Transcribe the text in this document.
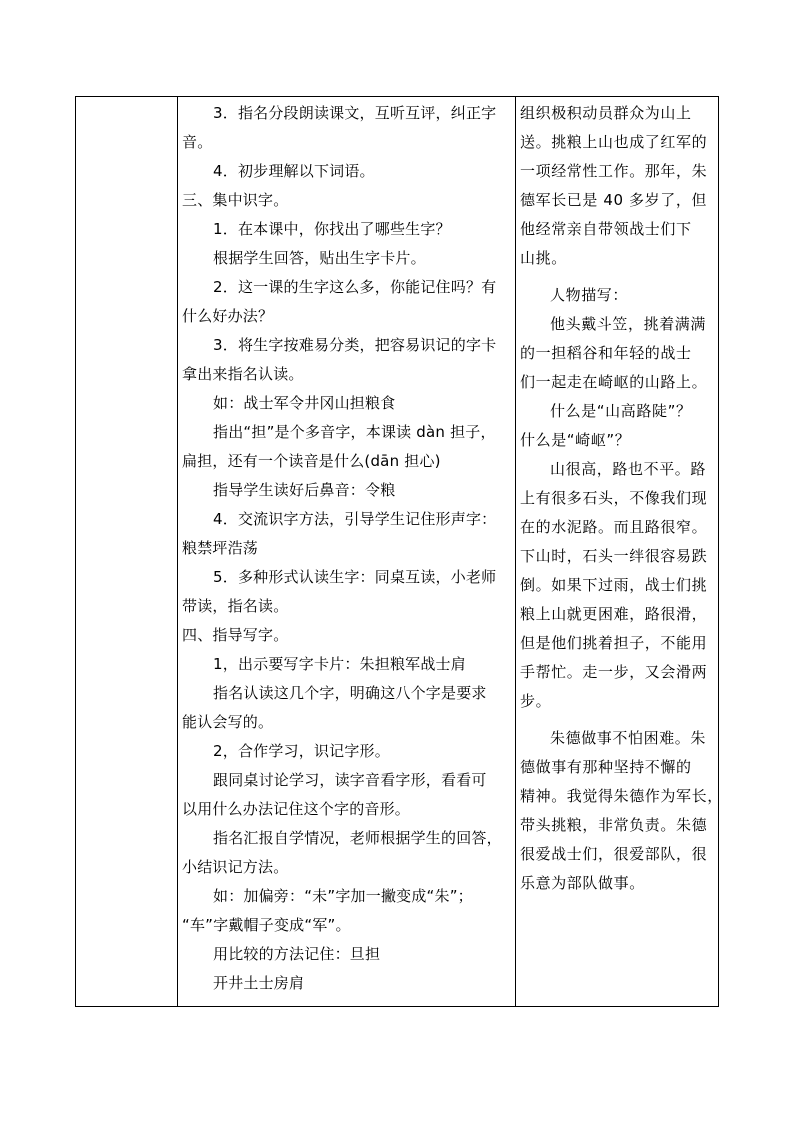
3．指名分段朗读课文，互听互评，纠正字
音。
4．初步理解以下词语。
三、集中识字。
1．在本课中，你找出了哪些生字？
根据学生回答，贴出生字卡片。
2．这一课的生字这么多，你能记住吗？有
什么好办法？
3．将生字按难易分类，把容易识记的字卡
拿出来指名认读。
如：战士军令井冈山担粮食
指出“担”是个多音字，本课读 dàn 担子，
扁担，还有一个读音是什么(dān 担心)
指导学生读好后鼻音：令粮
4．交流识字方法，引导学生记住形声字：
粮禁坪浩荡
5．多种形式认读生字：同桌互读，小老师
带读，指名读。
四、指导写字。
1，出示要写字卡片：朱担粮军战士肩
指名认读这几个字，明确这八个字是要求
能认会写的。
2，合作学习，识记字形。
跟同桌讨论学习，读字音看字形，看看可
以用什么办法记住这个字的音形。
指名汇报自学情况，老师根据学生的回答，
小结识记方法。
如：加偏旁：“未”字加一撇变成“朱”；
“车”字戴帽子变成“军”。
用比较的方法记住：旦担
开井土士房肩
组织极积动员群众为山上
送。挑粮上山也成了红军的
一项经常性工作。那年，朱
德军长已是 40 多岁了，但
他经常亲自带领战士们下
山挑。
人物描写：
他头戴斗笠，挑着满满
的一担稻谷和年轻的战士
们一起走在崎岖的山路上。
什么是“山高路陡”？
什么是“崎岖”？
山很高，路也不平。路
上有很多石头，不像我们现
在的水泥路。而且路很窄。
下山时，石头一绊很容易跌
倒。如果下过雨，战士们挑
粮上山就更困难，路很滑，
但是他们挑着担子，不能用
手帮忙。走一步，又会滑两
步。
朱德做事不怕困难。朱
德做事有那种坚持不懈的
精神。我觉得朱德作为军长，
带头挑粮，非常负责。朱德
很爱战士们，很爱部队，很
乐意为部队做事。
